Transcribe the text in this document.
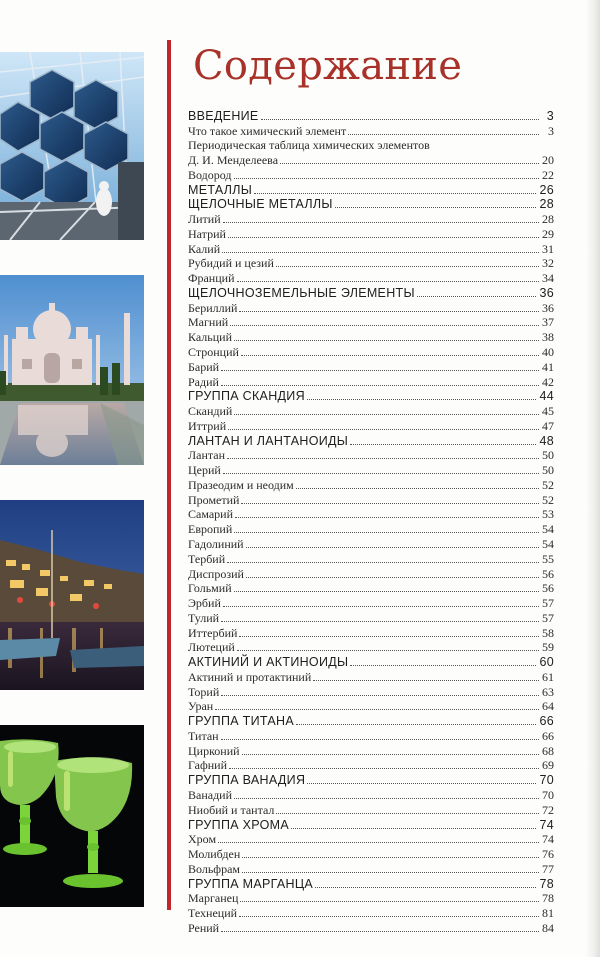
Содержание
ВВЕДЕНИЕ	3
Что такое химический элемент	3
Периодическая таблица химических элементов
Д. И. Менделеева	20
Водород	22
МЕТАЛЛЫ	26
ЩЕЛОЧНЫЕ МЕТАЛЛЫ	28
Литий	28
Натрий	29
Калий	31
Рубидий и цезий	32
Франций	34
ЩЕЛОЧНОЗЕМЕЛЬНЫЕ ЭЛЕМЕНТЫ	36
Бериллий	36
Магний	37
Кальций	38
Стронций	40
Барий	41
Радий	42
ГРУППА СКАНДИЯ	44
Скандий	45
Иттрий	47
ЛАНТАН И ЛАНТАНОИДЫ	48
Лантан	50
Церий	50
Празеодим и неодим	52
Прометий	52
Самарий	53
Европий	54
Гадолиний	54
Тербий	55
Диспрозий	56
Гольмий	56
Эрбий	57
Тулий	57
Иттербий	58
Лютеций	59
АКТИНИЙ И АКТИНОИДЫ	60
Актиний и протактиний	61
Торий	63
Уран	64
ГРУППА ТИТАНА	66
Титан	66
Цирконий	68
Гафний	69
ГРУППА ВАНАДИЯ	70
Ванадий	70
Ниобий и тантал	72
ГРУППА ХРОМА	74
Хром	74
Молибден	76
Вольфрам	77
ГРУППА МАРГАНЦА	78
Марганец	78
Технеций	81
Рений	84
